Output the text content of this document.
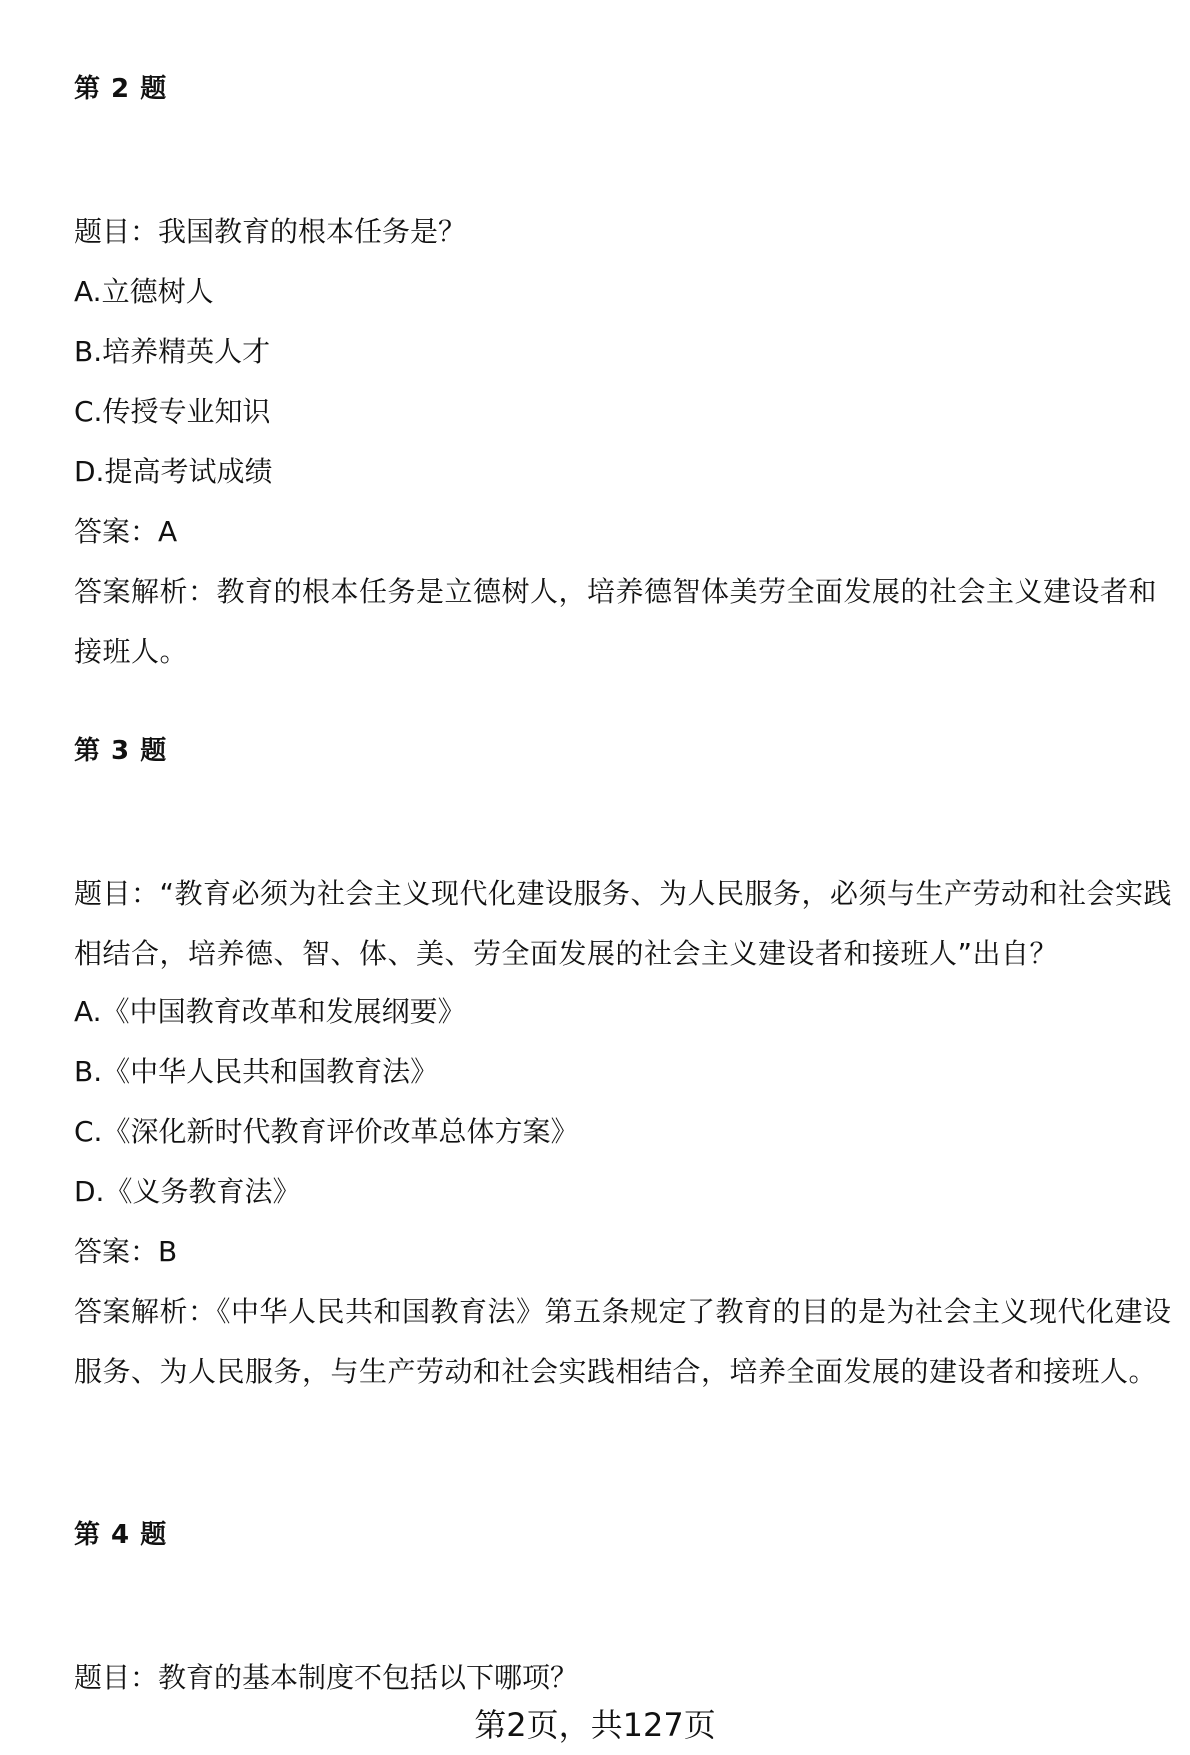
第 2 题
题目：我国教育的根本任务是？
A.立德树人
B.培养精英人才
C.传授专业知识
D.提高考试成绩
答案：A
答案解析：教育的根本任务是立德树人，培养德智体美劳全面发展的社会主义建设者和接班人。
第 3 题
题目：“教育必须为社会主义现代化建设服务、为人民服务，必须与生产劳动和社会实践相结合，培养德、智、体、美、劳全面发展的社会主义建设者和接班人”出自？
A.《中国教育改革和发展纲要》
B.《中华人民共和国教育法》
C.《深化新时代教育评价改革总体方案》
D.《义务教育法》
答案：B
答案解析：《中华人民共和国教育法》第五条规定了教育的目的是为社会主义现代化建设服务、为人民服务，与生产劳动和社会实践相结合，培养全面发展的建设者和接班人。
第 4 题
题目：教育的基本制度不包括以下哪项？
第2页，共127页
